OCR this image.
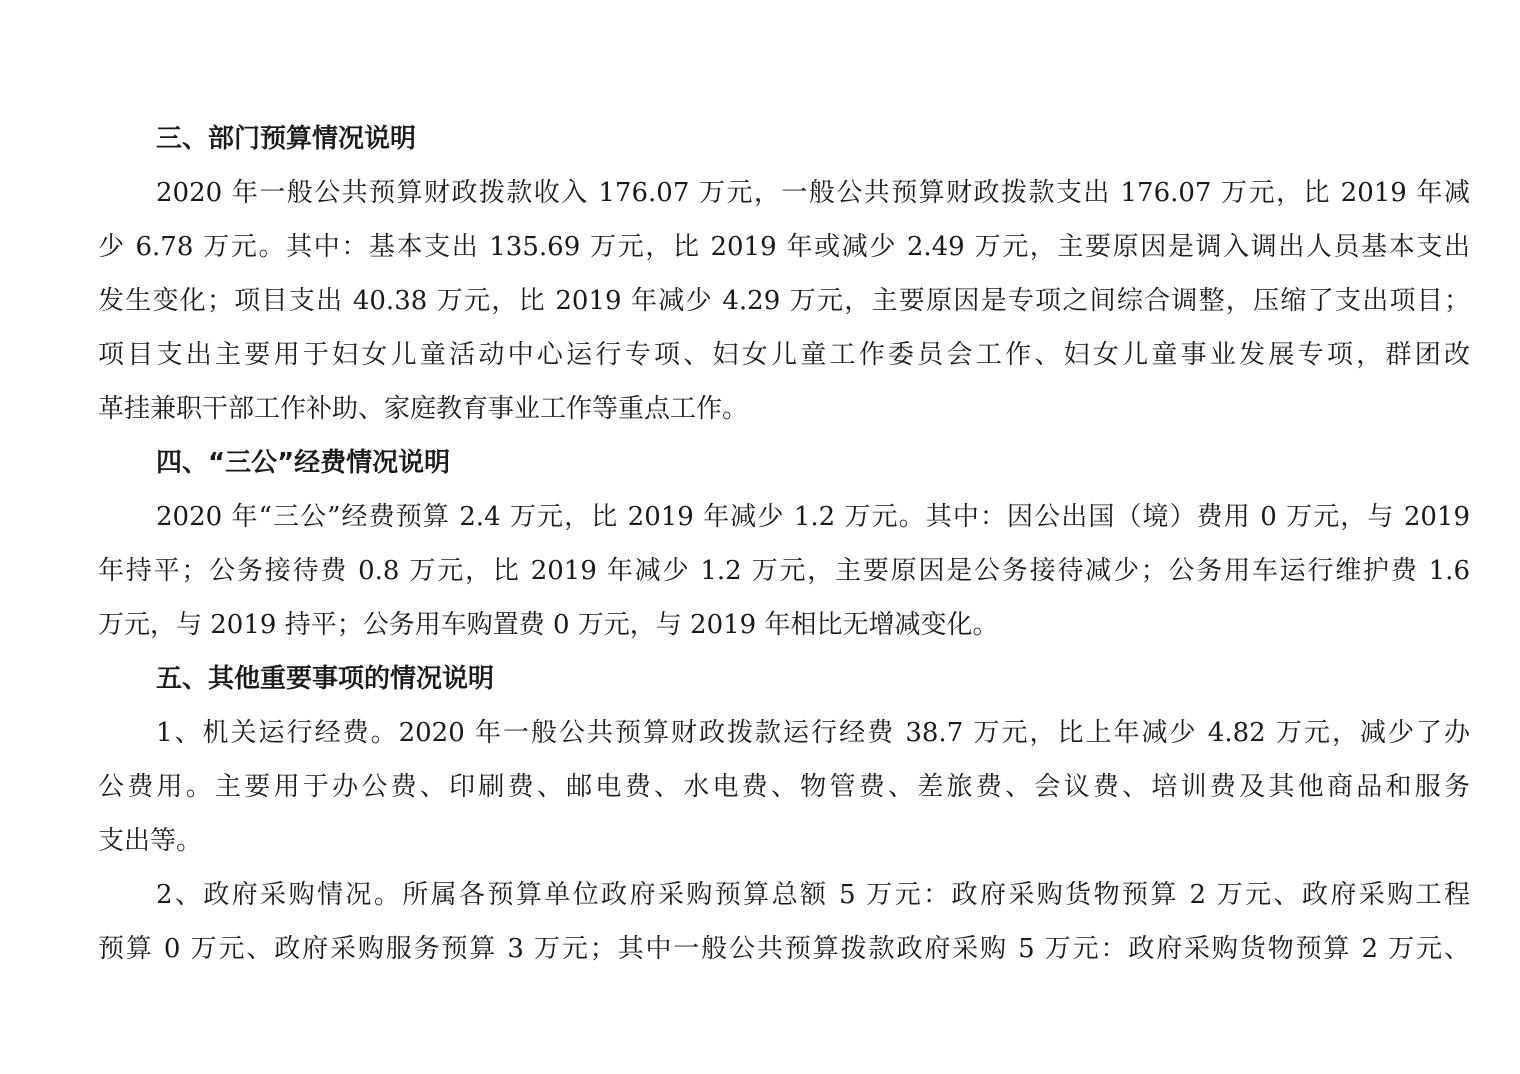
三、部门预算情况说明
2020 年一般公共预算财政拨款收入 176.07 万元，一般公共预算财政拨款支出 176.07 万元，比 2019 年减
少 6.78 万元。其中：基本支出 135.69 万元，比 2019 年或减少 2.49 万元，主要原因是调入调出人员基本支出
发生变化；项目支出 40.38 万元，比 2019 年减少 4.29 万元，主要原因是专项之间综合调整，压缩了支出项目；
项目支出主要用于妇女儿童活动中心运行专项、妇女儿童工作委员会工作、妇女儿童事业发展专项，群团改
革挂兼职干部工作补助、家庭教育事业工作等重点工作。
四、“三公”经费情况说明
2020 年“三公”经费预算 2.4 万元，比 2019 年减少 1.2 万元。其中：因公出国（境）费用 0 万元，与 2019
年持平；公务接待费 0.8 万元，比 2019 年减少 1.2 万元，主要原因是公务接待减少；公务用车运行维护费 1.6
万元，与 2019 持平；公务用车购置费 0 万元，与 2019 年相比无增减变化。
五、其他重要事项的情况说明
1、机关运行经费。2020 年一般公共预算财政拨款运行经费 38.7 万元，比上年减少 4.82 万元，减少了办
公费用。主要用于办公费、印刷费、邮电费、水电费、物管费、差旅费、会议费、培训费及其他商品和服务
支出等。
2、政府采购情况。所属各预算单位政府采购预算总额 5 万元：政府采购货物预算 2 万元、政府采购工程
预算 0 万元、政府采购服务预算 3 万元；其中一般公共预算拨款政府采购 5 万元：政府采购货物预算 2 万元、
